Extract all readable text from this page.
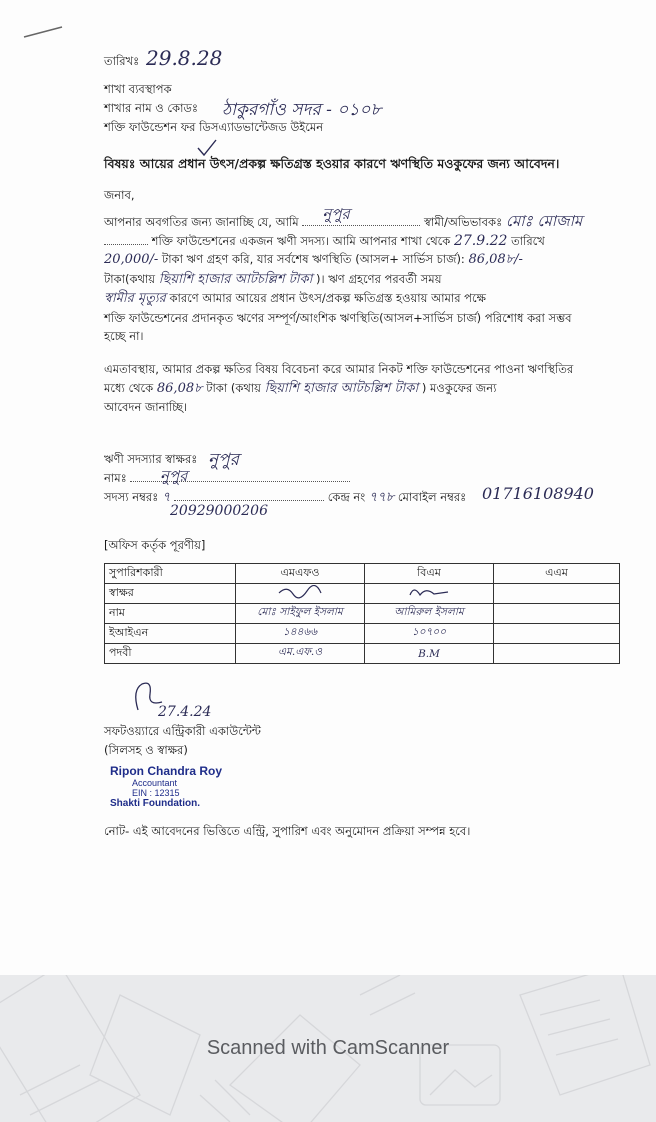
তারিখঃ 29.8.28
শাখা ব্যবস্থাপক
শাখার নাম ও কোডঃ ঠাকুরগাঁও সদর - ০১০৮
শক্তি ফাউন্ডেশন ফর ডিসএ্যাডভান্টেজড উইমেন
বিষয়ঃ আয়ের প্রধান উৎস/প্রকল্প ক্ষতিগ্রস্ত হওয়ার কারণে ঋণস্থিতি মওকুফের জন্য আবেদন।
জনাব,
আপনার অবগতির জন্য জানাচ্ছি যে, আমি নুপুর	স্বামী/অভিভাবকঃ মোঃ মোজাম
শক্তি ফাউন্ডেশনের একজন ঋণী সদস্য। আমি আপনার শাখা থেকে 27.9.22 তারিখে
20,000/- টাকা ঋণ গ্রহণ করি, যার সর্বশেষ ঋণস্থিতি (আসল+ সার্ভিস চার্জ): 86,08৮/-
টাকা(কথায় ছিয়াশি হাজার আটচল্লিশ টাকা )। ঋণ গ্রহণের পরবর্তী সময়
স্বামীর মৃত্যুর কারণে আমার আয়ের প্রধান উৎস/প্রকল্প ক্ষতিগ্রস্ত হওয়ায় আমার পক্ষে
শক্তি ফাউন্ডেশনের প্রদানকৃত ঋণের সম্পূর্ণ/আংশিক ঋণস্থিতি(আসল+সার্ভিস চার্জ) পরিশোধ করা সম্ভব
হচ্ছে না।
এমতাবস্থায়, আমার প্রকল্প ক্ষতির বিষয় বিবেচনা করে আমার নিকট শক্তি ফাউন্ডেশনের পাওনা ঋণস্থিতির
মধ্যে থেকে 86,08৮ টাকা (কথায় ছিয়াশি হাজার আটচল্লিশ টাকা ) মওকুফের জন্য
আবেদন জানাচ্ছি।
ঋণী সদস্যার স্বাক্ষরঃ নুপুর
নামঃ	নুপুর
সদস্য নম্বরঃ ৭	কেন্দ্র নং ৭৭৮ মোবাইল নম্বরঃ 01716108940
20929000206
[অফিস কর্তৃক পূরণীয়]
সুপারিশকারী	এমএফও	বিএম	এএম
স্বাক্ষর			
নাম	মোঃ সাইফুল ইসলাম	আমিরুল ইসলাম	
ইআইএন	১৪৪৬৬	১০৭০০	
পদবী	এম.এফ.ও	B.M	
27.4.24
সফটওয়্যারে এন্ট্রিকারী একাউন্টেন্ট
(সিলসহ ও স্বাক্ষর)
Ripon Chandra Roy
Accountant
EIN : 12315
Shakti Foundation.
নোট- এই আবেদনের ভিত্তিতে এন্ট্রি, সুপারিশ এবং অনুমোদন প্রক্রিয়া সম্পন্ন হবে।
Scanned with CamScanner
